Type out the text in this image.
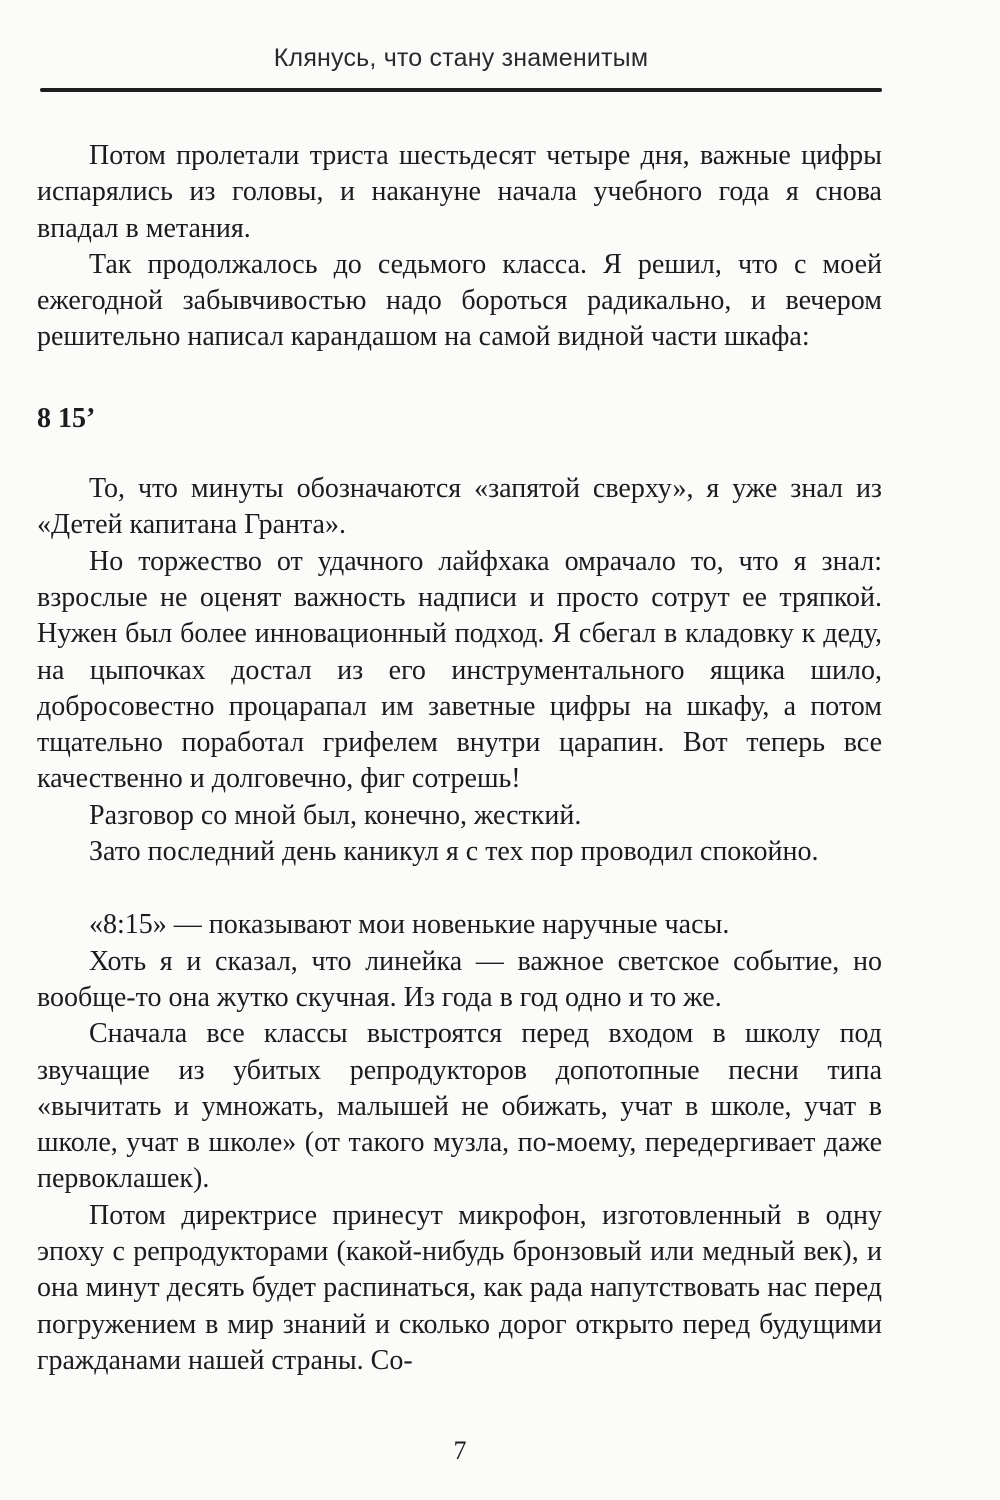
Клянусь, что стану знаменитым

Потом пролетали триста шестьдесят четыре дня, важные цифры испарялись из головы, и накануне начала учебного года я снова впадал в метания.

Так продолжалось до седьмого класса. Я решил, что с моей ежегодной забывчивостью надо бороться радикально, и вечером решительно написал карандашом на самой видной части шкафа:

8 15’

То, что минуты обозначаются «запятой сверху», я уже знал из «Детей капитана Гранта».

Но торжество от удачного лайфхака омрачало то, что я знал: взрослые не оценят важность надписи и просто сотрут ее тряпкой. Нужен был более инновационный подход. Я сбегал в кладовку к деду, на цыпочках достал из его инструментального ящика шило, добросовестно процарапал им заветные цифры на шкафу, а потом тщательно поработал грифелем внутри царапин. Вот теперь все качественно и долговечно, фиг сотрешь!

Разговор со мной был, конечно, жесткий.

Зато последний день каникул я с тех пор проводил спокойно.

«8:15» — показывают мои новенькие наручные часы.

Хоть я и сказал, что линейка — важное светское событие, но вообще-то она жутко скучная. Из года в год одно и то же.

Сначала все классы выстроятся перед входом в школу под звучащие из убитых репродукторов допотопные песни типа «вычитать и умножать, малышей не обижать, учат в школе, учат в школе, учат в школе» (от такого музла, по-моему, передергивает даже первоклашек).

Потом директрисе принесут микрофон, изготовленный в одну эпоху с репродукторами (какой-нибудь бронзовый или медный век), и она минут десять будет распинаться, как рада напутствовать нас перед погружением в мир знаний и сколько дорог открыто перед будущими гражданами нашей страны. Со-

7
